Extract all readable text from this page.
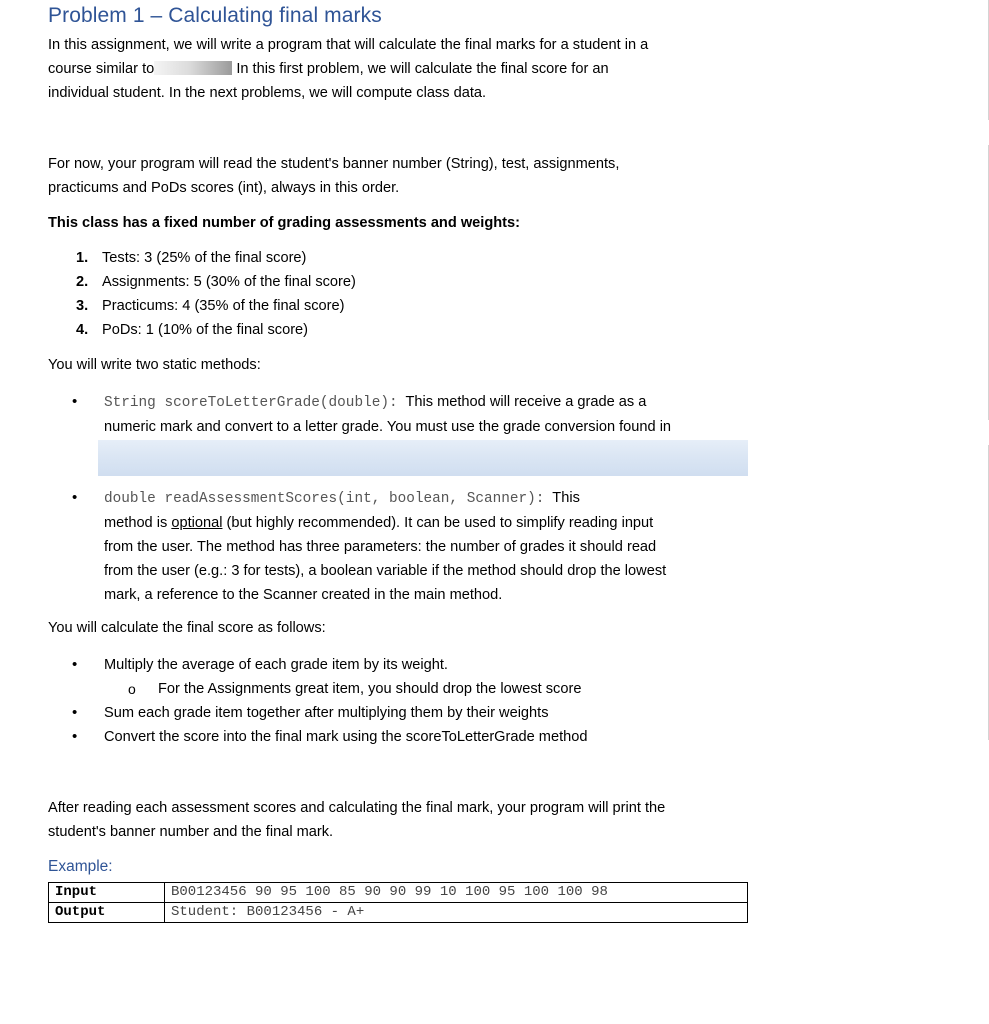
Problem 1 – Calculating final marks
In this assignment, we will write a program that will calculate the final marks for a student in a
course similar to	In this first problem, we will calculate the final score for an
individual student. In the next problems, we will compute class data.
For now, your program will read the student's banner number (String), test, assignments,
practicums and PoDs scores (int), always in this order.
This class has a fixed number of grading assessments and weights:
1. Tests: 3 (25% of the final score)
2. Assignments: 5 (30% of the final score)
3. Practicums: 4 (35% of the final score)
4. PoDs: 1 (10% of the final score)
You will write two static methods:
•	String scoreToLetterGrade(double): This method will receive a grade as a
numeric mark and convert to a letter grade. You must use the grade conversion found in
•	double readAssessmentScores(int, boolean, Scanner): This
method is optional (but highly recommended). It can be used to simplify reading input
from the user. The method has three parameters: the number of grades it should read
from the user (e.g.: 3 for tests), a boolean variable if the method should drop the lowest
mark, a reference to the Scanner created in the main method.
You will calculate the final score as follows:
•	Multiply the average of each grade item by its weight.
o	For the Assignments great item, you should drop the lowest score
•	Sum each grade item together after multiplying them by their weights
•	Convert the score into the final mark using the scoreToLetterGrade method
After reading each assessment scores and calculating the final mark, your program will print the
student's banner number and the final mark.
Example:
Input	B00123456 90 95 100 85 90 90 99 10 100 95 100 100 98
Output	Student: B00123456 - A+
